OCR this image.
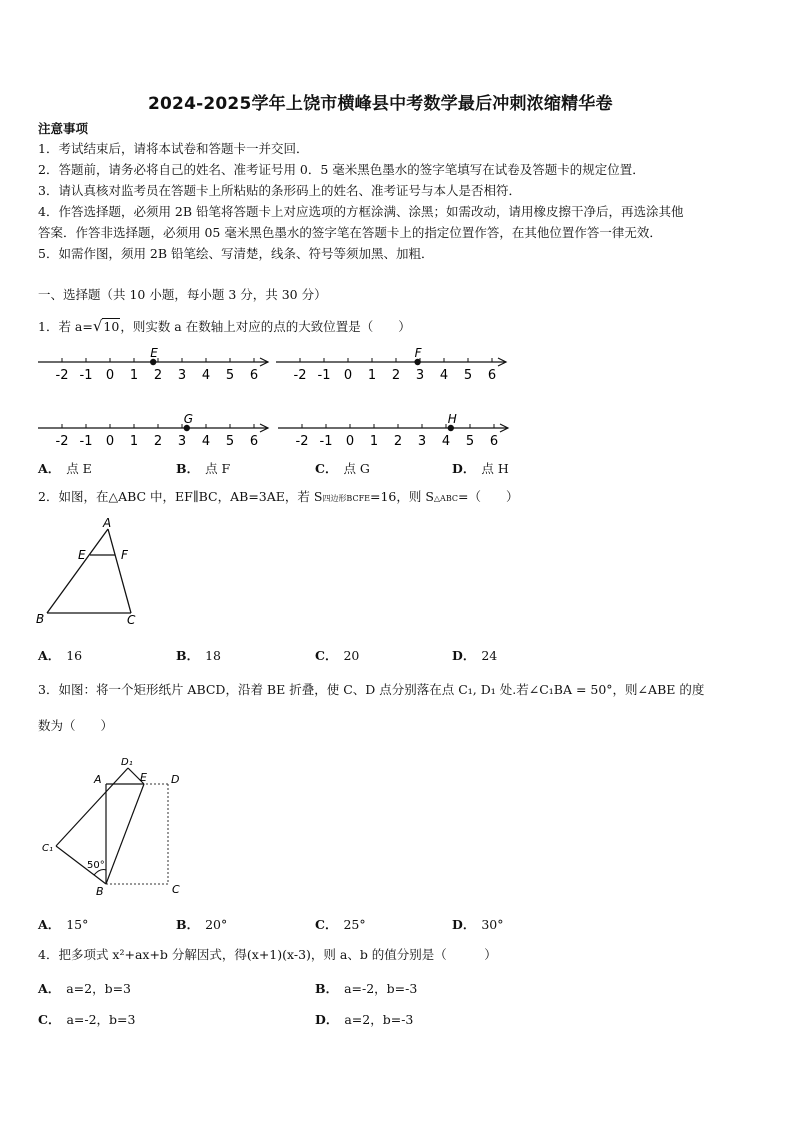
2024-2025学年上饶市横峰县中考数学最后冲刺浓缩精华卷
注意事项
1．考试结束后，请将本试卷和答题卡一并交回．
2．答题前，请务必将自己的姓名、准考证号用 0．5 毫米黑色墨水的签字笔填写在试卷及答题卡的规定位置．
3．请认真核对监考员在答题卡上所粘贴的条形码上的姓名、准考证号与本人是否相符．
4．作答选择题，必须用 2B 铅笔将答题卡上对应选项的方框涂满、涂黑；如需改动，请用橡皮擦干净后，再选涂其他
答案．作答非选择题，必须用 05 毫米黑色墨水的签字笔在答题卡上的指定位置作答，在其他位置作答一律无效．
5．如需作图，须用 2B 铅笔绘、写清楚，线条、符号等须加黑、加粗．
一、选择题（共 10 小题，每小题 3 分，共 30 分）
1．若 a=√10，则实数 a 在数轴上对应的点的大致位置是（　　）
-2 -1 0 1 2 3 4 5 6
E
-2 -1 0 1 2 3 4 5 6
F
-2 -1 0 1 2 3 4 5 6
G
-2 -1 0 1 2 3 4 5 6
H
A． 点 E	B． 点 F	C． 点 G	D． 点 H
2．如图，在△ABC 中，EF∥BC，AB=3AE，若 S四边形BCFE=16，则 S△ABC=（　　）
A
E	F
B	C
A． 16	B． 18	C． 20	D． 24
3．如图：将一个矩形纸片 ABCD，沿着 BE 折叠，使 C、D 点分别落在点 C₁, D₁ 处.若∠C₁BA = 50°，则∠ABE 的度
数为（　　）
A
D₁
E D
C₁
50°
B	C
A． 15°	B． 20°	C． 25°	D． 30°
4．把多项式 x²+ax+b 分解因式，得(x+1)(x-3)，则 a、b 的值分别是（　　　）
A． a=2，b=3	B． a=-2，b=-3
C． a=-2，b=3	D． a=2，b=-3
